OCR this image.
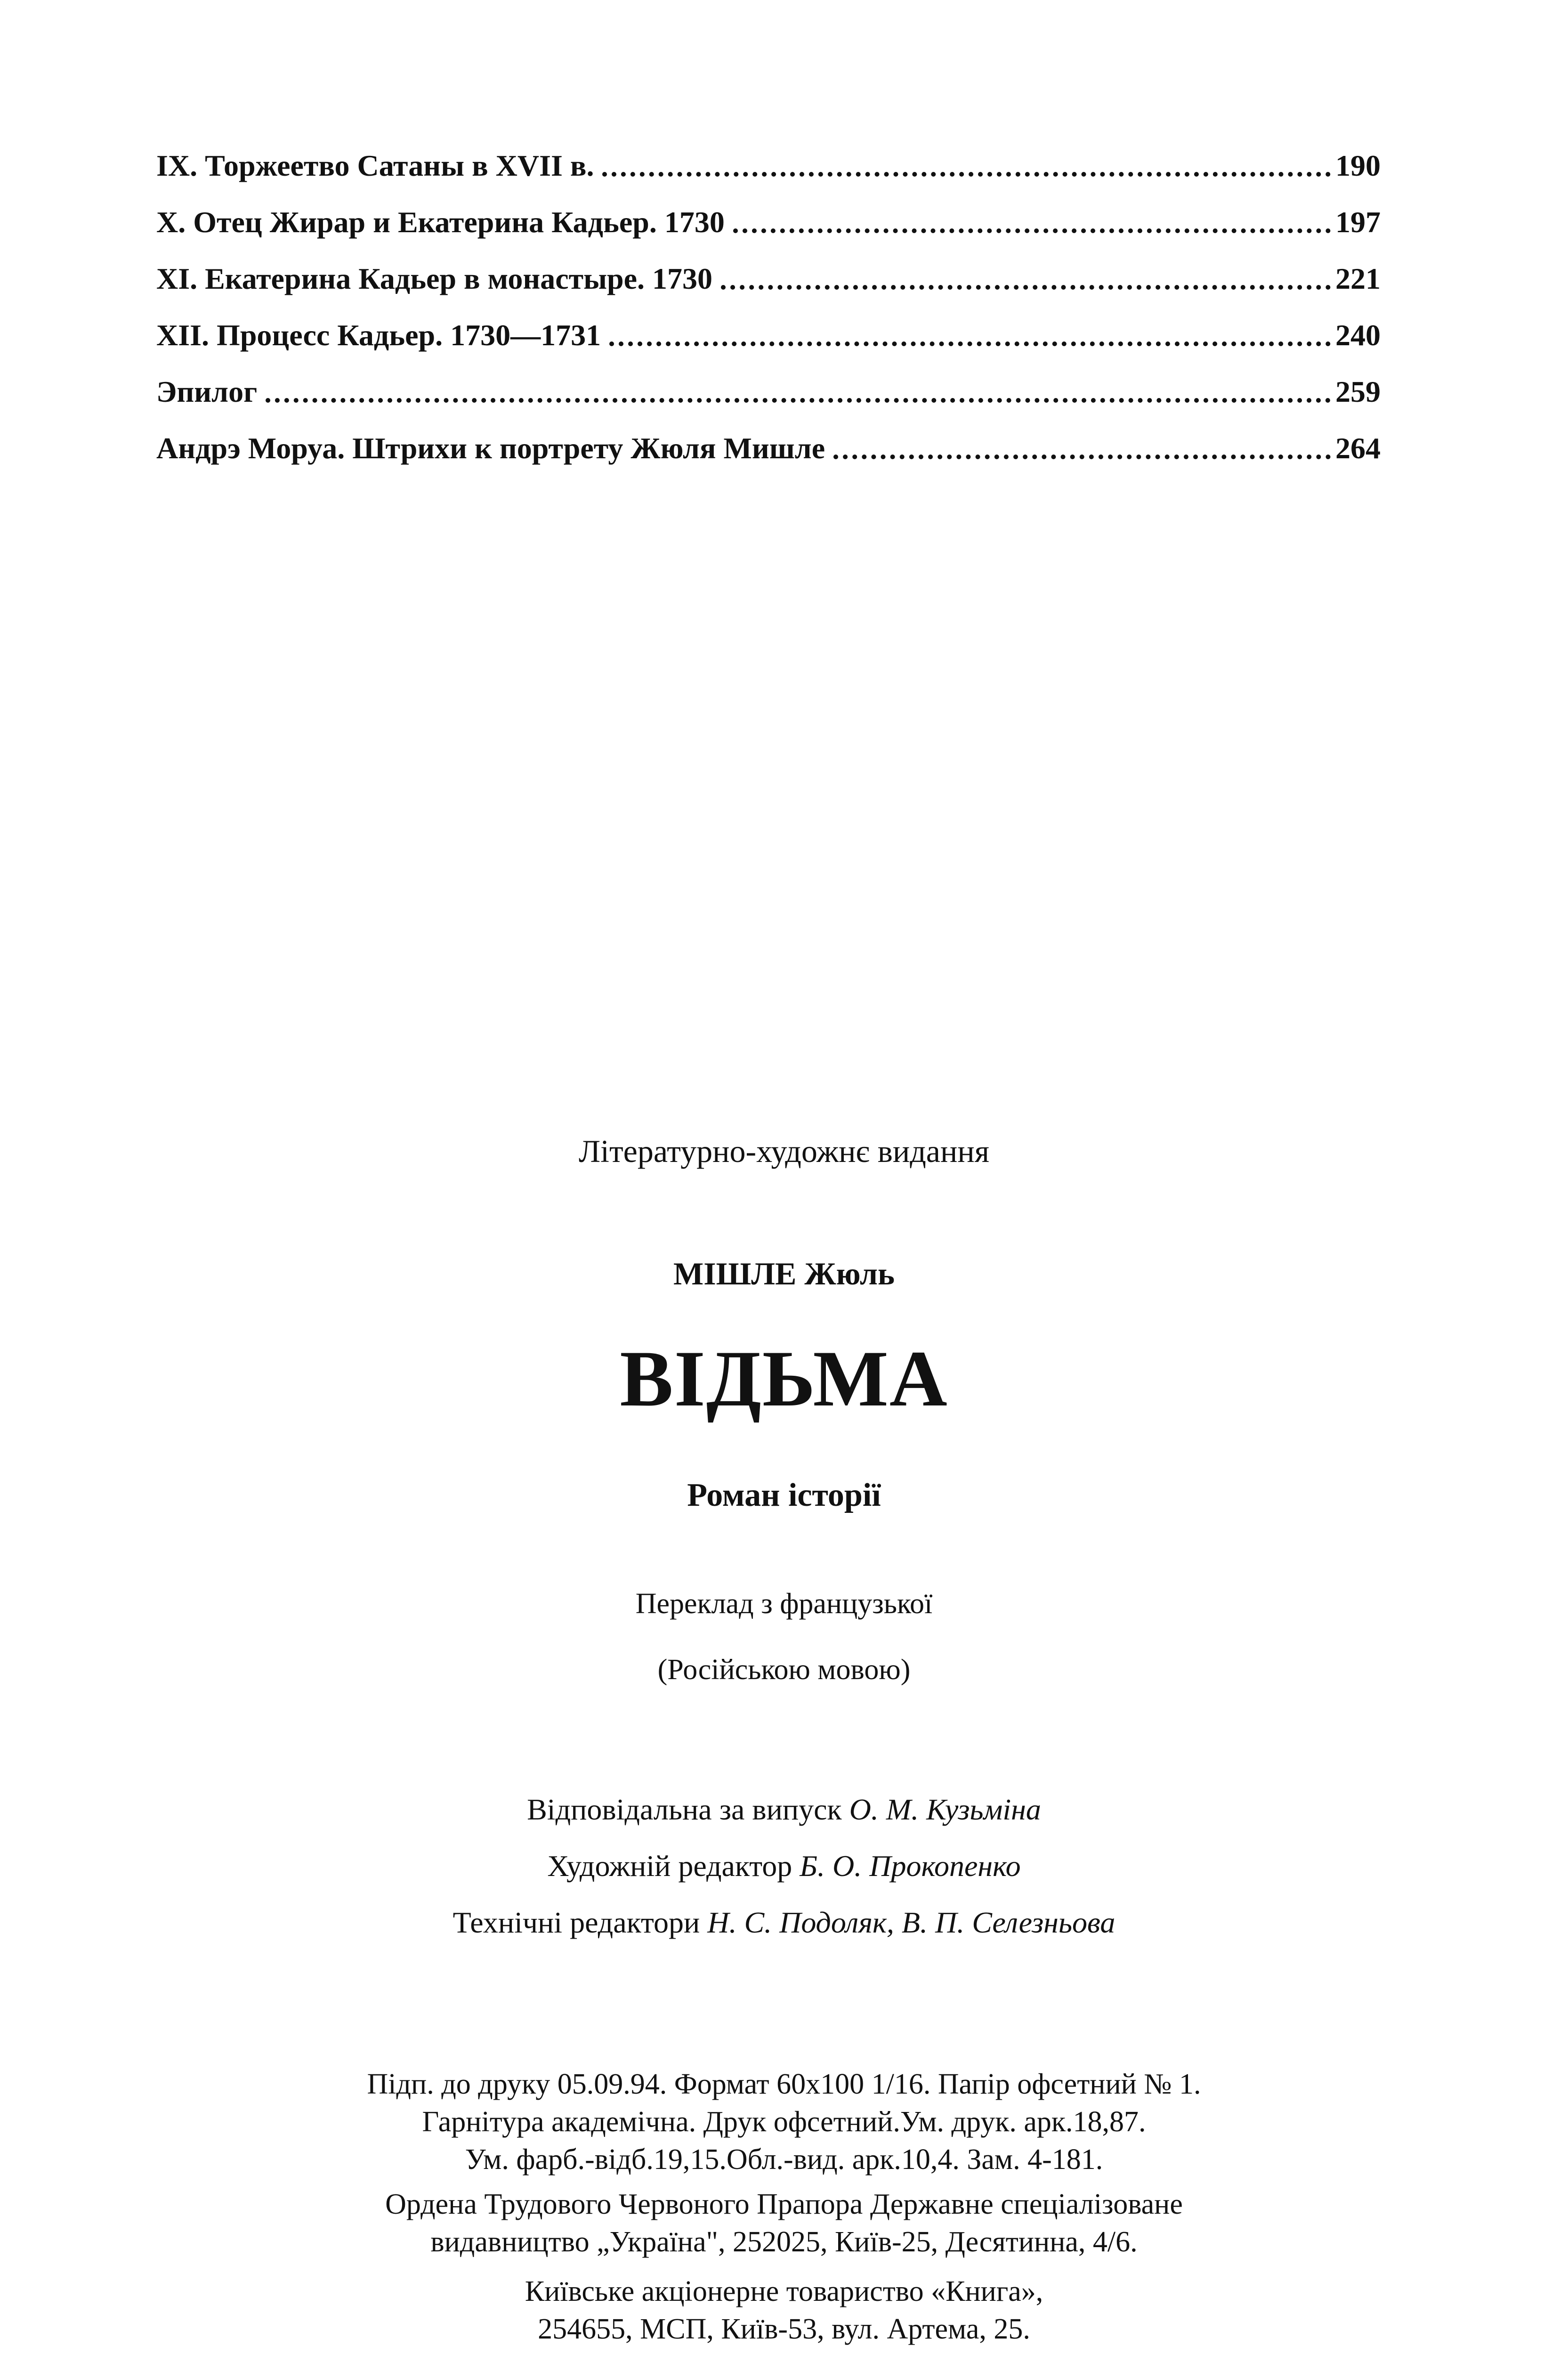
IX. Торжеетво Сатаны в XVII в.	190
X. Отец Жирар и Екатерина Кадьер. 1730	197
XI. Екатерина Кадьер в монастыре. 1730	221
XII. Процесс Кадьер. 1730—1731	240
Эпилог	259
Андрэ Моруа. Штрихи к портрету Жюля Мишле	264
Літературно-художнє видання
МІШЛЕ Жюль
ВІДЬМА
Роман історії
Переклад з французької
(Російською мовою)
Відповідальна за випуск О. М. Кузьміна
Художній редактор Б. О. Прокопенко
Технічні редактори Н. С. Подоляк, В. П. Селезньова
Підп. до друку 05.09.94. Формат 60х100 1/16. Папір офсетний № 1.
Гарнітура академічна. Друк офсетний.Ум. друк. арк.18,87.
Ум. фарб.-відб.19,15.Обл.-вид. арк.10,4. Зам. 4-181.
Ордена Трудового Червоного Прапора Державне спеціалізоване
видавництво „Україна", 252025, Київ-25, Десятинна, 4/6.
Київське акціонерне товариство «Книга»,
254655, МСП, Київ-53, вул. Артема, 25.
